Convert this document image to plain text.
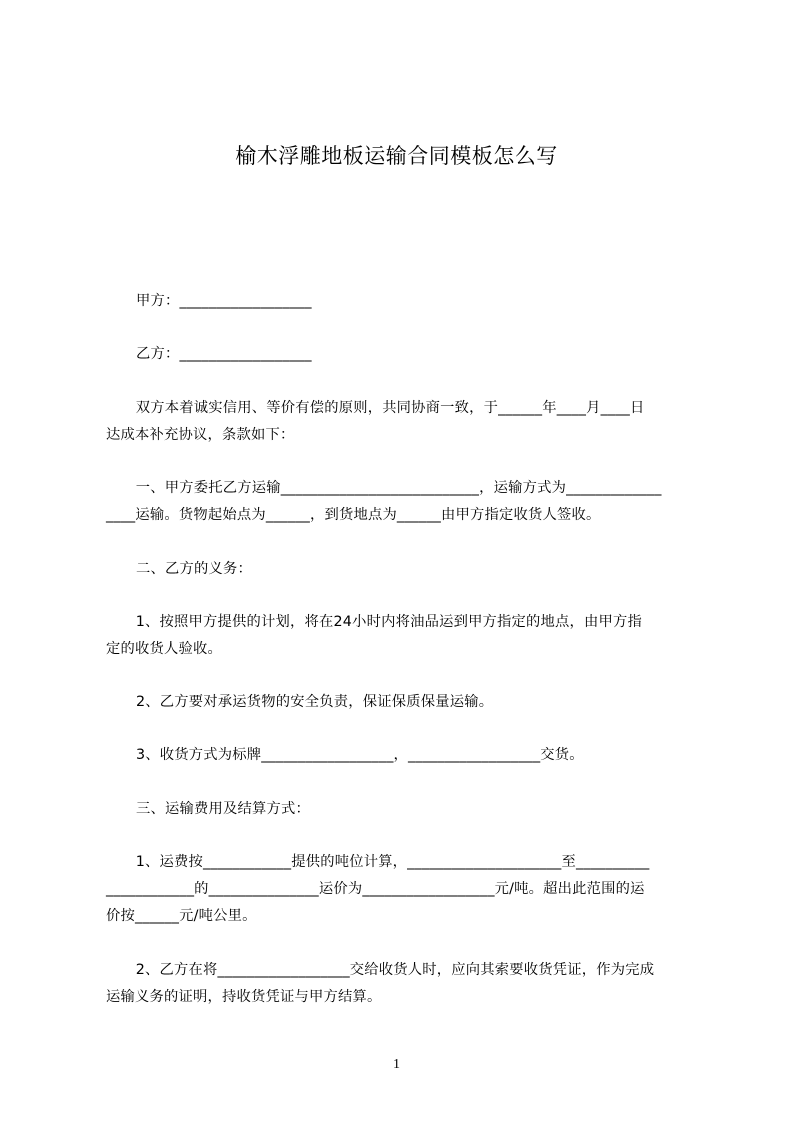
榆木浮雕地板运输合同模板怎么写
甲方：__________________
乙方：__________________
双方本着诚实信用、等价有偿的原则，共同协商一致，于______年____月____日
达成本补充协议，条款如下：
一、甲方委托乙方运输___________________________，运输方式为_____________
____运输。货物起始点为______，到货地点为______由甲方指定收货人签收。
二、乙方的义务：
1、按照甲方提供的计划，将在24小时内将油品运到甲方指定的地点，由甲方指
定的收货人验收。
2、乙方要对承运货物的安全负责，保证保质保量运输。
3、收货方式为标牌__________________，__________________交货。
三、运输费用及结算方式：
1、运费按____________提供的吨位计算，_____________________至__________
____________的_______________运价为__________________元/吨。超出此范围的运
价按______元/吨公里。
2、乙方在将__________________交给收货人时，应向其索要收货凭证，作为完成
运输义务的证明，持收货凭证与甲方结算。
1
